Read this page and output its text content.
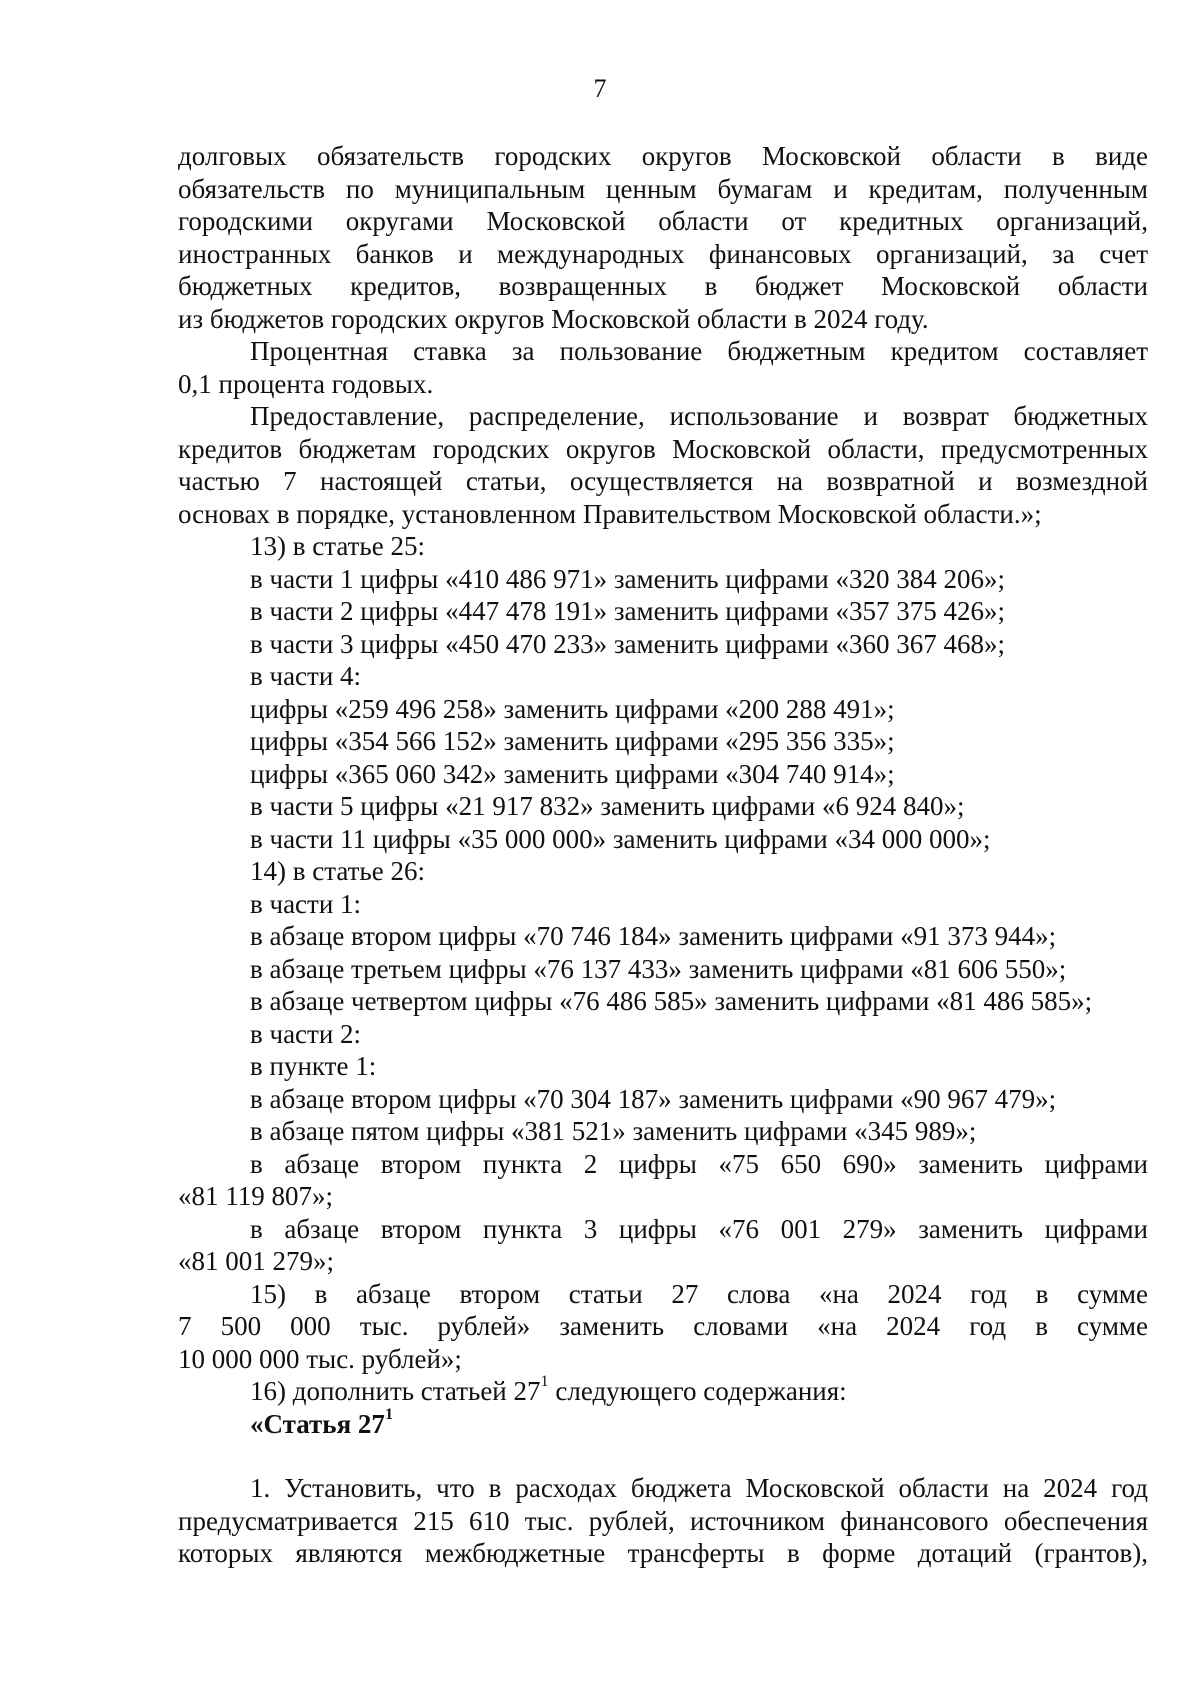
7

долговых обязательств городских округов Московской области в виде

обязательств по муниципальным ценным бумагам и кредитам, полученным

городскими округами Московской области от кредитных организаций,

иностранных банков и международных финансовых организаций, за счет

бюджетных кредитов, возвращенных в бюджет Московской области

из бюджетов городских округов Московской области в 2024 году.

Процентная ставка за пользование бюджетным кредитом составляет

0,1 процента годовых.

Предоставление, распределение, использование и возврат бюджетных

кредитов бюджетам городских округов Московской области, предусмотренных

частью 7 настоящей статьи, осуществляется на возвратной и возмездной

основах в порядке, установленном Правительством Московской области.»;

13) в статье 25:

в части 1 цифры «410 486 971» заменить цифрами «320 384 206»;

в части 2 цифры «447 478 191» заменить цифрами «357 375 426»;

в части 3 цифры «450 470 233» заменить цифрами «360 367 468»;

в части 4:

цифры «259 496 258» заменить цифрами «200 288 491»;

цифры «354 566 152» заменить цифрами «295 356 335»;

цифры «365 060 342» заменить цифрами «304 740 914»;

в части 5 цифры «21 917 832» заменить цифрами «6 924 840»;

в части 11 цифры «35 000 000» заменить цифрами «34 000 000»;

14) в статье 26:

в части 1:

в абзаце втором цифры «70 746 184» заменить цифрами «91 373 944»;

в абзаце третьем цифры «76 137 433» заменить цифрами «81 606 550»;

в абзаце четвертом цифры «76 486 585» заменить цифрами «81 486 585»;

в части 2:

в пункте 1:

в абзаце втором цифры «70 304 187» заменить цифрами «90 967 479»;

в абзаце пятом цифры «381 521» заменить цифрами «345 989»;

в абзаце втором пункта 2 цифры «75 650 690» заменить цифрами

«81 119 807»;

в абзаце втором пункта 3 цифры «76 001 279» заменить цифрами

«81 001 279»;

15) в абзаце втором статьи 27 слова «на 2024 год в сумме

7 500 000 тыс. рублей» заменить словами «на 2024 год в сумме

10 000 000 тыс. рублей»;

16) дополнить статьей $27^1$ следующего содержания:

«Статья $27^1$

1. Установить, что в расходах бюджета Московской области на 2024 год

предусматривается 215 610 тыс. рублей, источником финансового обеспечения

которых являются межбюджетные трансферты в форме дотаций (грантов),
